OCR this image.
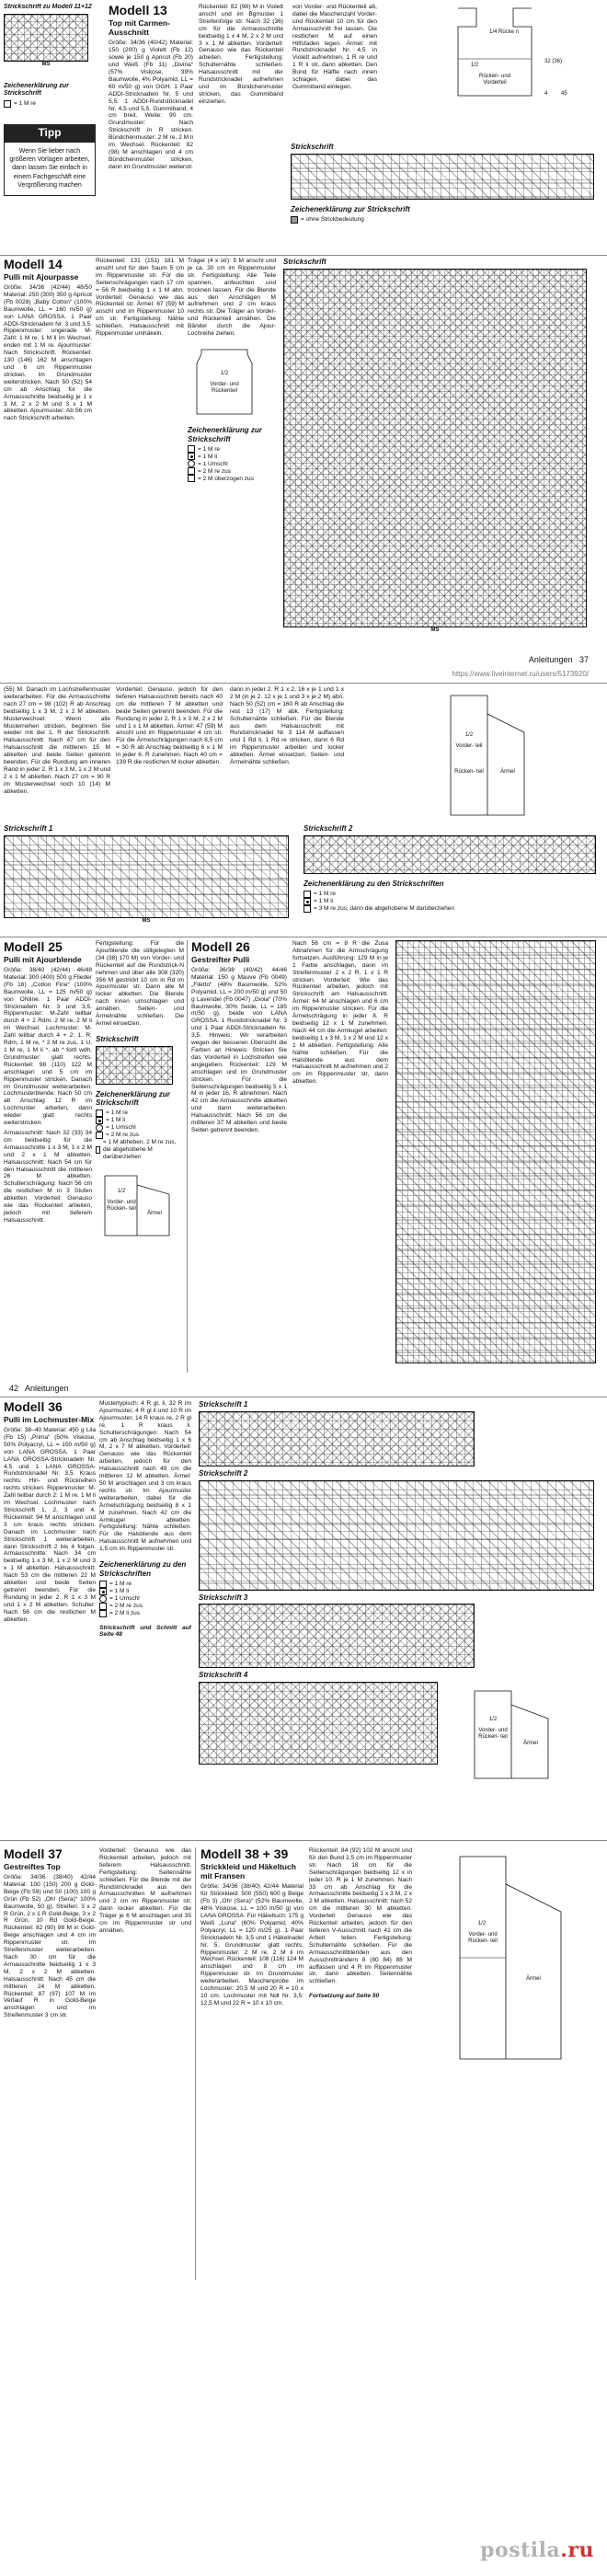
Strickschrift zu Modell 11+12
MS
Zeichenerklärung zur Strickschrift
= 1 M re
Tipp
Wenn Sie lieber nach größeren Vorlagen arbeiten, dann lassen Sie einfach in einem Fachgeschäft eine Vergrößerung machen
Modell 13
Top mit Carmen-Ausschnitt
Größe: 34/36 (40/42) Material: 150 (200) g Violett (Fb 12) sowie je 150 g Apricot (Fb 20) und Weiß (Fb 11) „Divina“ (57% Viskose, 39% Baumwolle, 4% Polyamid, LL = 60 m/50 g) von GGH. 1 Paar ADDI-Stricknadeln Nr. 5 und 5,5. 1 ADDI-Rundstricknadel Nr. 4,5 und 5,5. Gummiband, 4 cm breit. Weite: 90 cm. Grundmuster: Nach Strickschrift in R stricken. Bündchenmuster: 2 M re, 2 M li im Wechsel. Rückenteil: 82 (98) M anschlagen und 4 cm Bündchenmuster stricken, dann im Grundmuster weiterstr.
Rückenteil: 82 (98) M in Violett anschl und im Bgmuster 1 Streifenfolge str. Nach 32 (36) cm für die Armausschnitte beidseitig 1 x 4 M, 2 x 2 M und 3 x 1 M abketten. Vorderteil: Genauso wie das Rückenteil arbeiten. Fertigstellung: Schulternähte schließen. Halsausschnitt mit der Rundstricknadel aufnehmen und im Bündchenmuster stricken, das Gummiband einziehen.
von Vorder- und Rückenteil ab, dabei die Maschenzahl Vorder- und Rückenteil 10 cm für den Armausschnitt frei lassen. Die restlichen M auf einen Hilfsfaden legen. Ärmel: mit Rundstricknadel Nr. 4,5 in Violett aufnehmen, 1 R re und 1 R li str, dann abketten. Den Bund für Hälfte nach innen schlagen, dabei das Gummiband einlegen.
1/4 Rücke n
1/2
Rücken- und Vorderteil
45
32 (36)
4
Strickschrift
Zeichenerklärung zur Strickschrift
= ohne Strickbedeutung
Modell 14
Pulli mit Ajourpasse
Größe: 34/36 (42/44) 48/50 Material: 250 (300) 350 g Apricot (Fb 0028) „Baby Cotton“ (100% Baumwolle, LL = 160 m/50 g) von LANA GROSSA. 1 Paar ADDI-Stricknadeln Nr. 3 und 3,5. Rippenmuster: ungerade M-Zahl: 1 M re, 1 M li im Wechsel, enden mit 1 M re. Ajourmuster: Nach Strickschrift. Rückenteil: 130 (146) 162 M anschlagen und 6 cm Rippenmuster stricken. Im Grundmuster weiterstricken. Nach 50 (52) 54 cm ab Anschlag für die Armausschnitte beidseitig je 1 x 3 M, 2 x 2 M und 3 x 1 M abketten. Ajourmuster: Ab 56 cm nach Strickschrift arbeiten.
Rückenteil: 131 (151) 181 M anschl und für den Saum 5 cm im Rippenmuster str. Für die Seitenschrägungen nach 17 cm = 56 R beidseitig 1 x 1 M abn. Vorderteil: Genauso wie das Rückenteil str. Ärmel: 67 (59) M anschl und im Rippenmuster 10 cm str. Fertigstellung: Nähte schließen, Halsausschnitt mit Rippenmuster umhäkeln.
Träger (4 x str): 5 M anschl und je ca. 30 cm im Rippenmuster str. Fertigstellung: Alle Teile spannen, anfeuchten und trocknen lassen. Für die Blende aus den Anschlägen M aufnehmen und 2 cm kraus rechts str. Die Träger an Vorder- und Rückenteil annähen. Die Bänder durch die Ajour-Lochreihe ziehen.
1/2
Vorder- und Rückenteil
Zeichenerklärung zur Strickschrift
= 1 M re
= 1 M li
= 1 Umschl
= 2 M re zus
= 2 M überzogen zus
Strickschrift
MS
Anleitungen 37
https://www.liveinternet.ru/users/5173920/
(55) M. Danach im Lochstreifenmuster weiterarbeiten. Für die Armausschnitte nach 27 cm = 98 (102) R ab Anschlag beidseitig 1 x 3 M, 2 x 2 M abketten. Musterwechsel: Wenn alle Musterreihen stricken, beginnen Sie wieder mit der 1. R der Strickschrift. Halsausschnitt: Nach 47 cm für den Halsausschnitt die mittleren 15 M abketten und beide Seiten getrennt beenden. Für die Rundung am inneren Rand in jeder 2. R 1 x 3 M, 1 x 2 M und 2 x 1 M abketten. Nach 27 cm = 90 R im Musterwechsel noch 10 (14) M abketten.
Vorderteil: Genauso, jedoch für den tieferen Halsausschnitt bereits nach 40 cm die mittleren 7 M abketten und beide Seiten getrennt beenden. Für die Rundung in jeder 2. R 1 x 3 M, 2 x 2 M und 1 x 1 M abketten. Ärmel: 47 (59) M anschl und im Rippenmuster 4 cm str. Für die Ärmelschrägungen nach 8,5 cm = 30 R ab Anschlag beidseitig 6 x 1 M in jeder 6. R zunehmen. Nach 40 cm = 139 R die restlichen M locker abketten.
dann in jeder 2. R 1 x 2, 16 x je 1 und 1 x 2 M (in je 2. 12 x je 1 und 3 x je 2 M) abn. Nach 50 (52) cm = 160 R ab Anschlag die rest 13 (17) M abk. Fertigstellung: Schulternähte schließen. Für die Blende aus dem Halsausschnitt mit Rundstricknadel Nr. 3 114 M auffassen und 1 Rd li, 1 Rd re stricken, dann 6 Rd im Rippenmuster arbeiten und locker abketten. Ärmel einsetzen, Seiten- und Ärmelnähte schließen.
1/2
Vorder- teil
Rücken- teil	Ärmel
Strickschrift 1
MS
Strickschrift 2
Zeichenerklärung zu den Strickschriften
= 1 M re
= 1 M li
= 3 M re zus, dann die abgehobene M darüberziehen
Modell 25
Pulli mit Ajourblende
Größe: 38/40 (42/44) 46/48 Material: 300 (400) 500 g Flieder (Fb 16) „Cotton Fine“ (100% Baumwolle, LL = 125 m/50 g) von ONline. 1 Paar ADDI-Stricknadeln Nr. 3 und 3,5. Rippenmuster: M-Zahl teilbar durch 4 + 2 Rdm: 2 M re, 2 M li im Wechsel. Lochmuster: M-Zahl teilbar durch 4 + 2: 1. R: Rdm, 1 M re, * 2 M re zus, 1 U, 1 M re, 1 M li *, ab * fortl wdh. Grundmuster: glatt rechts. Rückenteil: 98 (110) 122 M anschlagen und 5 cm im Rippenmuster stricken. Danach im Grundmuster weiterarbeiten. Lochmusterblende: Nach 50 cm ab Anschlag 12 R im Lochmuster arbeiten, dann wieder glatt rechts weiterstricken.
Armausschnitt: Nach 32 (33) 34 cm beidseitig für die Armausschnitte 1 x 3 M, 1 x 2 M und 2 x 1 M abketten. Halsausschnitt: Nach 54 cm für den Halsausschnitt die mittleren 26 M abketten. Schulterschrägung: Nach 56 cm die restlichen M in 3 Stufen abketten. Vorderteil: Genauso wie das Rückenteil arbeiten, jedoch mit tieferem Halsausschnitt.
Fertigstellung: Für die Ajourblende die stillgelegten M (34 (38) 170 M) von Vorder- und Rückenteil auf die Rundstrick-N nehmen und über alle 308 (320) 356 M gestrickt 10 cm in Rd im Ajourmuster str. Dann alle M locker abketten. Die Blende nach innen umschlagen und annähen. Seiten- und Ärmelnähte schließen. Die Ärmel einsetzen.
Strickschrift
Zeichenerklärung zur Strickschrift
= 1 M re
= 1 M li
= 1 Umschl
= 2 M re zus
= 1 M abheben, 2 M re zus, die abgehobene M darüberziehen
1/2
Vorder- und Rücken- teil
Ärmel
Modell 26
Gestreifter Pulli
Größe: 36/38 (40/42) 44/46 Material: 150 g Mauve (Fb 0049) „Filetto“ (48% Baumwolle, 52% Polyamid, LL = 200 m/50 g) und 50 g Lavendel (Fb 0047) „Gioia“ (70% Baumwolle, 30% Seide, LL = 185 m/50 g), beide von LANA GROSSA. 1 Rundstricknadel Nr. 3 und 1 Paar ADDI-Stricknadeln Nr. 3,5. Hinweis: Wir verarbeiten wegen der besseren Übersicht die Farben an Hinweis: Stricken Sie das Vorderteil in Lochstreifen wie angegeben. Rückenteil: 129 M anschlagen und im Grundmuster stricken. Für die Seitenschrägungen beidseitig 5 x 1 M in jeder 16. R abnehmen. Nach 42 cm die Armausschnitte abketten und dann weiterarbeiten. Halsausschnitt: Nach 56 cm die mittleren 37 M abketten und beide Seiten getrennt beenden.
Nach 56 cm = 8 R die Zusa Abnahmen für die Armschrägung fortsetzen. Ausführung: 129 M in je 1 Farbe anschlagen, dann im Streifenmuster 2 x 2 R, 1 x 1 R stricken. Vorderteil: Wie das Rückenteil arbeiten, jedoch mit Strickschrift am Halsausschnitt. Ärmel: 64 M anschlagen und 6 cm im Rippenmuster stricken. Für die Ärmelschrägung in jeder 8. R beidseitig 12 x 1 M zunehmen. Nach 44 cm die Armkugel arbeiten: beidseitig 1 x 3 M, 1 x 2 M und 12 x 1 M abketten. Fertigstellung: Alle Nähte schließen. Für die Halsblende aus dem Halsausschnitt M aufnehmen und 2 cm im Rippenmuster str, dann abketten.
42 Anleitungen
Modell 36
Pulli im Lochmuster-Mix
Größe: 38–40 Material: 450 g Lila (Fb 15) „Prima“ (50% Viskose, 50% Polyacryl, LL = 150 m/50 g) von LANA GROSSA. 1 Paar LANA GROSSA-Stricknadeln Nr. 4,5 und 1 LANA GROSSA-Rundstricknadel Nr. 3,5. Kraus rechts: Hin- und Rückreihen rechts stricken. Rippenmuster: M-Zahl teilbar durch 2: 1 M re, 1 M li im Wechsel. Lochmuster: nach Strickschrift 1, 2, 3 und 4. Rückenteil: 94 M anschlagen und 3 cm kraus rechts stricken. Danach im Lochmuster nach Strickschrift 1 weiterarbeiten, dann Strickschrift 2 bis 4 folgen. Armausschnitte: Nach 34 cm beidseitig 1 x 3 M, 1 x 2 M und 3 x 1 M abketten. Halsausschnitt: Nach 53 cm die mittleren 22 M abketten und beide Seiten getrennt beenden. Für die Rundung in jeder 2. R 1 x 3 M und 1 x 2 M abketten. Schulter: Nach 56 cm die restlichen M abketten.
Mustertypisch: 4 R gl, li, 32 R im Ajourmuster, 4 R gl li und 10 R im Ajourmuster, 14 R kraus re, 2 R gl re, 1 R kraus li. Schulterschrägungen: Nach 54 cm ab Anschlag beidseitig 1 x 6 M, 2 x 7 M abketten. Vorderteil: Genauso wie das Rückenteil arbeiten, jedoch für den Halsausschnitt nach 49 cm die mittleren 12 M abketten. Ärmel: 50 M anschlagen und 3 cm kraus rechts str. Im Ajourmuster weiterarbeiten, dabei für die Ärmelschrägung beidseitig 8 x 1 M zunehmen. Nach 42 cm die Armkugel abketten. Fertigstellung: Nähte schließen. Für die Halsblende aus dem Halsausschnitt M aufnehmen und 1,5 cm im Rippenmuster str.
Zeichenerklärung zu den Strickschriften
= 1 M re
= 1 M li
= 1 Umschl
= 2 M re zus
= 2 M li zus
Strickschrift und Schnitt auf Seite 48
Strickschrift 1
Strickschrift 2
Strickschrift 3
Strickschrift 4
1/2
Vorder- und Rücken- teil
Ärmel
Modell 37
Gestreiftes Top
Größe: 34/36 (38/40) 42/44 Material: 100 (150) 200 g Gold-Beige (Fb 59) und 50 (100) 100 g Grün (Fb 52) „Oh! (Sera)“ 100% Baumwolle, 50 g), Streifen: 3 x 2 R Grün, 2 x 1 R Gold-Beige, 3 x 2 R Grün, 10 Rd Gold-Beige. Rückenteil: 82 (90) 98 M in Gold-Beige anschlagen und 4 cm im Rippenmuster str. Im Streifenmuster weiterarbeiten. Nach 30 cm für die Armausschnitte beidseitig 1 x 3 M, 2 x 2 M abketten. Halsausschnitt: Nach 45 cm die mittleren 24 M abketten. Rückenteil: 87 (97) 107 M im Verlauf R in Gold-Beige anschlagen und im Streifenmuster 3 cm str.
Vorderteil: Genauso wie das Rückenteil arbeiten, jedoch mit tieferem Halsausschnitt. Fertigstellung: Seitennähte schließen. Für die Blende mit der Rundstricknadel aus den Armausschnitten M aufnehmen und 2 cm im Rippenmuster str, dann locker abketten. Für die Träger je 6 M anschlagen und 35 cm im Rippenmuster str und annähen.
Modell 38 + 39
Strickkleid und Häkeltuch mit Fransen
Größe: 34/36 (38/40) 42/44 Material für Strickkleid: 500 (550) 600 g Beige (Fb 3) „Oh! (Sera)“ (52% Baumwolle, 48% Viskose, LL = 100 m/50 g) von LANA GROSSA. Für Häkeltuch: 175 g Weiß „Luna“ (60% Polyamid, 40% Polyacryl, LL = 120 m/25 g). 1 Paar Stricknadeln Nr. 3,5 und 1 Häkelnadel Nr. 5. Grundmuster: glatt rechts. Rippenmuster: 2 M re, 2 M li im Wechsel. Rückenteil: 108 (116) 124 M anschlagen und 8 cm im Rippenmuster str. Im Grundmuster weiterarbeiten. Maschenprobe im Lochmuster: 20,5 M und 20 R = 10 x 10 cm. Lochmuster mit Ndl Nr. 3,5: 12,5 M und 22 R = 10 x 10 cm.
Rückenteil: 84 (92) 102 M anschl und für den Bund 2,5 cm im Rippenmuster str. Nach 18 cm für die Seitenschrägungen beidseitig 12 x in jeder 10. R je 1 M zunehmen. Nach 33 cm ab Anschlag für die Armausschnitte beidseitig 1 x 3 M, 2 x 2 M abketten. Halsausschnitt: nach 52 cm die mittleren 30 M abketten. Vorderteil: Genauso wie das Rückenteil arbeiten, jedoch für den tieferen V-Ausschnitt nach 41 cm die Arbeit teilen. Fertigstellung: Schulternähte schließen. Für die Armausschnittblenden aus den Ausschnitträndern 8 (80 84) 88 M auffassen und 4 R im Rippenmuster str, dann abketten. Seitennähte schließen.
Fortsetzung auf Seite 50
1/2
Vorder- und Rücken- teil
Ärmel
postila.ru
